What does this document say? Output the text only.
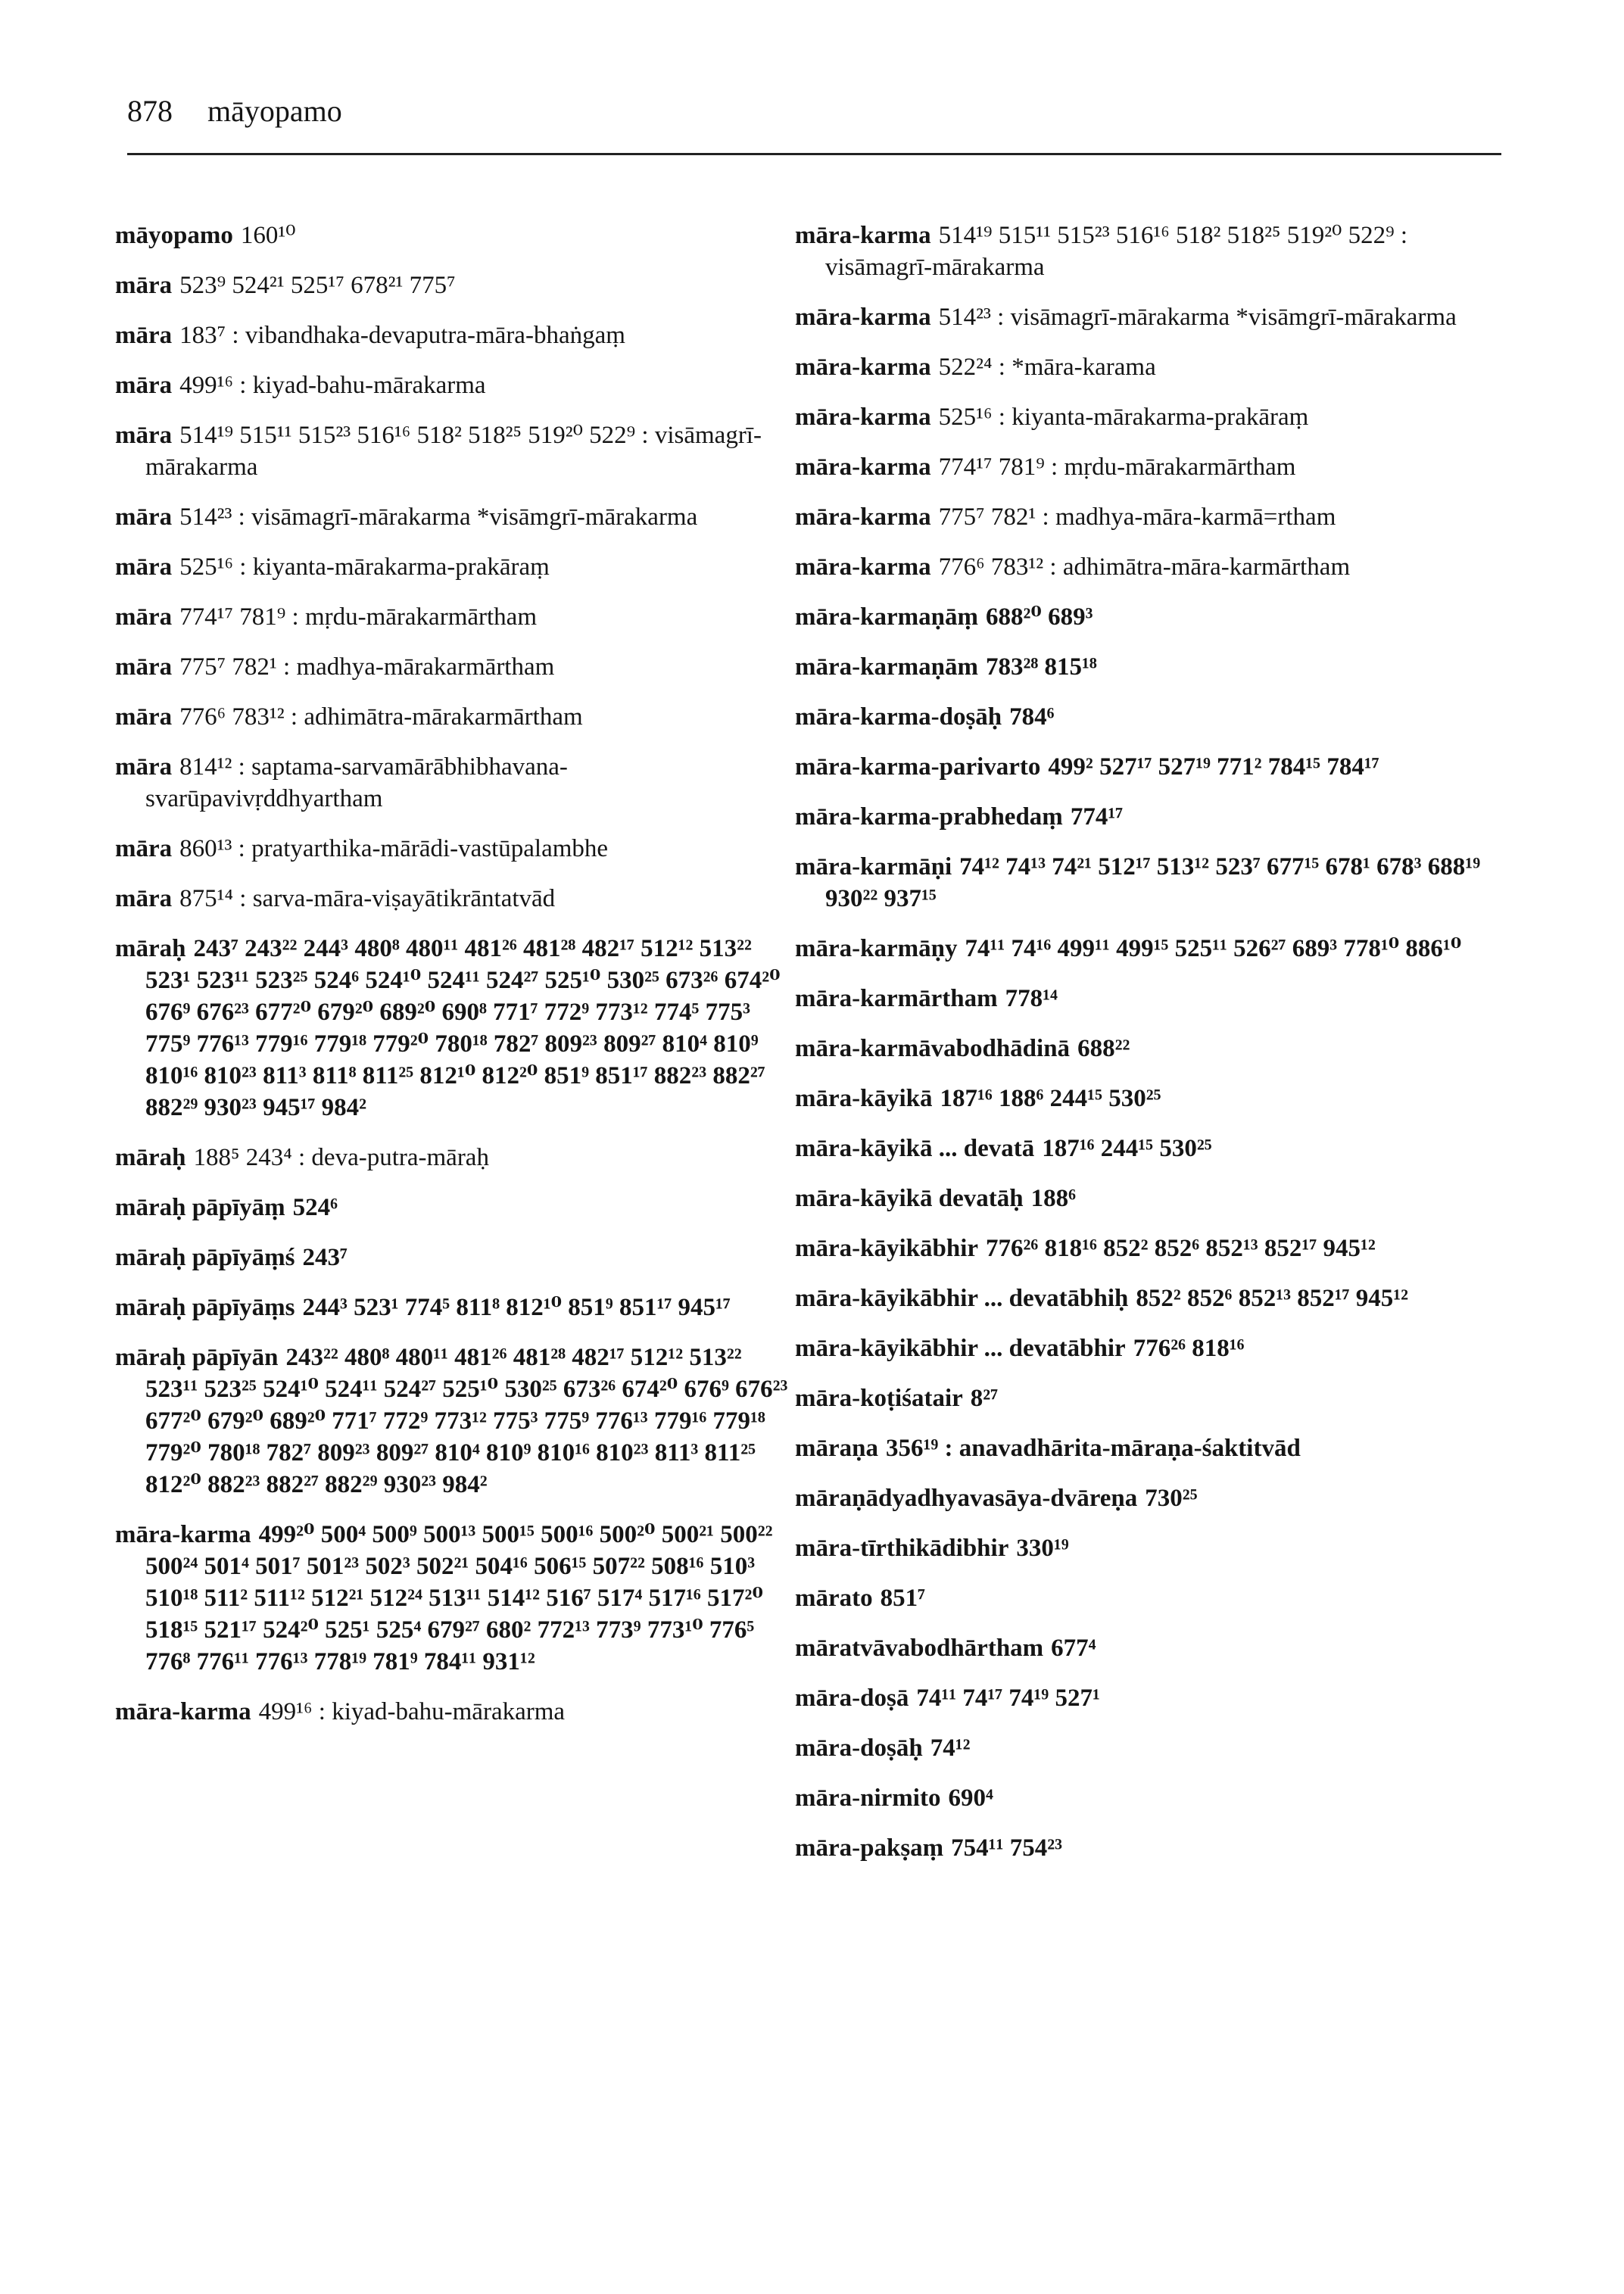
878 māyopamo
māyopamo 160¹⁰
māra 523⁹ 524²¹ 525¹⁷ 678²¹ 775⁷
māra 183⁷ : vibandhaka-devaputra-māra-bhaṅgaṃ
māra 499¹⁶ : kiyad-bahu-mārakarma
māra 514¹⁹ 515¹¹ 515²³ 516¹⁶ 518² 518²⁵ 519²⁰ 522⁹ : visāmagrī-mārakarma
māra 514²³ : visāmagrī-mārakarma *visāmgrī-mārakarma
māra 525¹⁶ : kiyanta-mārakarma-prakāraṃ
māra 774¹⁷ 781⁹ : mṛdu-mārakarmārtham
māra 775⁷ 782¹ : madhya-mārakarmārtham
māra 776⁶ 783¹² : adhimātra-mārakarmārtham
māra 814¹² : saptama-sarvamārābhibhavana-svarūpavivṛddhyartham
māra 860¹³ : pratyarthika-mārādi-vastūpalambhe
māra 875¹⁴ : sarva-māra-viṣayātikrāntatvād
māraḥ 243⁷ 243²² 244³ 480⁸ 480¹¹ 481²⁶ 481²⁸ 482¹⁷ 512¹² 513²² 523¹ 523¹¹ 523²⁵ 524⁶ 524¹⁰ 524¹¹ 524²⁷ 525¹⁰ 530²⁵ 673²⁶ 674²⁰ 676⁹ 676²³ 677²⁰ 679²⁰ 689²⁰ 690⁸ 771⁷ 772⁹ 773¹² 774⁵ 775³ 775⁹ 776¹³ 779¹⁶ 779¹⁸ 779²⁰ 780¹⁸ 782⁷ 809²³ 809²⁷ 810⁴ 810⁹ 810¹⁶ 810²³ 811³ 811⁸ 811²⁵ 812¹⁰ 812²⁰ 851⁹ 851¹⁷ 882²³ 882²⁷ 882²⁹ 930²³ 945¹⁷ 984²
māraḥ 188⁵ 243⁴ : deva-putra-māraḥ
māraḥ pāpīyāṃ 524⁶
māraḥ pāpīyāṃś 243⁷
māraḥ pāpīyāṃs 244³ 523¹ 774⁵ 811⁸ 812¹⁰ 851⁹ 851¹⁷ 945¹⁷
māraḥ pāpīyān 243²² 480⁸ 480¹¹ 481²⁶ 481²⁸ 482¹⁷ 512¹² 513²² 523¹¹ 523²⁵ 524¹⁰ 524¹¹ 524²⁷ 525¹⁰ 530²⁵ 673²⁶ 674²⁰ 676⁹ 676²³ 677²⁰ 679²⁰ 689²⁰ 771⁷ 772⁹ 773¹² 775³ 775⁹ 776¹³ 779¹⁶ 779¹⁸ 779²⁰ 780¹⁸ 782⁷ 809²³ 809²⁷ 810⁴ 810⁹ 810¹⁶ 810²³ 811³ 811²⁵ 812²⁰ 882²³ 882²⁷ 882²⁹ 930²³ 984²
māra-karma 499²⁰ 500⁴ 500⁹ 500¹³ 500¹⁵ 500¹⁶ 500²⁰ 500²¹ 500²² 500²⁴ 501⁴ 501⁷ 501²³ 502³ 502²¹ 504¹⁶ 506¹⁵ 507²² 508¹⁶ 510³ 510¹⁸ 511² 511¹² 512²¹ 512²⁴ 513¹¹ 514¹² 516⁷ 517⁴ 517¹⁶ 517²⁰ 518¹⁵ 521¹⁷ 524²⁰ 525¹ 525⁴ 679²⁷ 680² 772¹³ 773⁹ 773¹⁰ 776⁵ 776⁸ 776¹¹ 776¹³ 778¹⁹ 781⁹ 784¹¹ 931¹²
māra-karma 499¹⁶ : kiyad-bahu-mārakarma
māra-karma 514¹⁹ 515¹¹ 515²³ 516¹⁶ 518² 518²⁵ 519²⁰ 522⁹ : visāmagrī-mārakarma
māra-karma 514²³ : visāmagrī-mārakarma *visāmgrī-mārakarma
māra-karma 522²⁴ : *māra-karama
māra-karma 525¹⁶ : kiyanta-mārakarma-prakāraṃ
māra-karma 774¹⁷ 781⁹ : mṛdu-mārakarmārtham
māra-karma 775⁷ 782¹ : madhya-māra-karmā=rtham
māra-karma 776⁶ 783¹² : adhimātra-māra-karmārtham
māra-karmaṇāṃ 688²⁰ 689³
māra-karmaṇām 783²⁸ 815¹⁸
māra-karma-doṣāḥ 784⁶
māra-karma-parivarto 499² 527¹⁷ 527¹⁹ 771² 784¹⁵ 784¹⁷
māra-karma-prabhedaṃ 774¹⁷
māra-karmāṇi 74¹² 74¹³ 74²¹ 512¹⁷ 513¹² 523⁷ 677¹⁵ 678¹ 678³ 688¹⁹ 930²² 937¹⁵
māra-karmāṇy 74¹¹ 74¹⁶ 499¹¹ 499¹⁵ 525¹¹ 526²⁷ 689³ 778¹⁰ 886¹⁰
māra-karmārtham 778¹⁴
māra-karmāvabodhādinā 688²²
māra-kāyikā 187¹⁶ 188⁶ 244¹⁵ 530²⁵
māra-kāyikā ... devatā 187¹⁶ 244¹⁵ 530²⁵
māra-kāyikā devatāḥ 188⁶
māra-kāyikābhir 776²⁶ 818¹⁶ 852² 852⁶ 852¹³ 852¹⁷ 945¹²
māra-kāyikābhir ... devatābhiḥ 852² 852⁶ 852¹³ 852¹⁷ 945¹²
māra-kāyikābhir ... devatābhir 776²⁶ 818¹⁶
māra-koṭiśatair 8²⁷
māraṇa 356¹⁹ : anavadhārita-māraṇa-śaktitvād
māraṇādyadhyavasāya-dvāreṇa 730²⁵
māra-tīrthikādibhir 330¹⁹
mārato 851⁷
māratvāvabodhārtham 677⁴
māra-doṣā 74¹¹ 74¹⁷ 74¹⁹ 527¹
māra-doṣāḥ 74¹²
māra-nirmito 690⁴
māra-pakṣaṃ 754¹¹ 754²³
